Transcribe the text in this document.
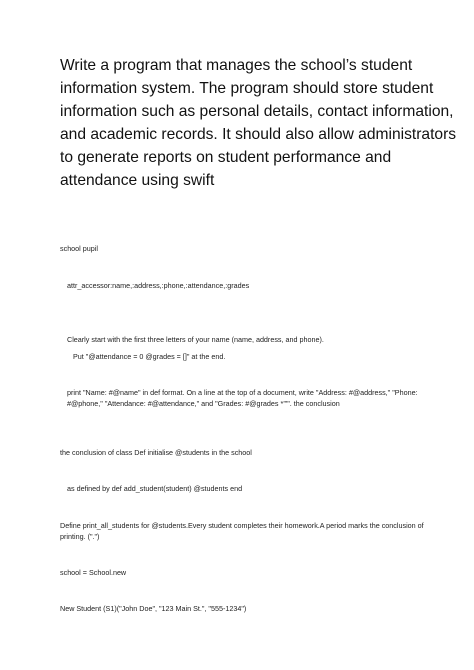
Write a program that manages the school’s student information system. The program should store student information such as personal details, contact information, and academic records. It should also allow administrators to generate reports on student performance and attendance using swift

school pupil

attr_accessor:name,:address,:phone,:attendance,:grades

Clearly start with the first three letters of your name (name, address, and phone).

Put "@attendance = 0 @grades = []" at the end.

print "Name: #@name" in def format. On a line at the top of a document, write "Address: #@address," "Phone: #@phone," "Attendance: #@attendance," and "Grades: #@grades *'"". the conclusion

the conclusion of class Def initialise @students in the school

as defined by def add_student(student) @students end

Define print_all_students for @students.Every student completes their homework.A period marks the conclusion of printing. (".")

school = School.new

New Student (S1)("John Doe", "123 Main St.", "555-1234")
